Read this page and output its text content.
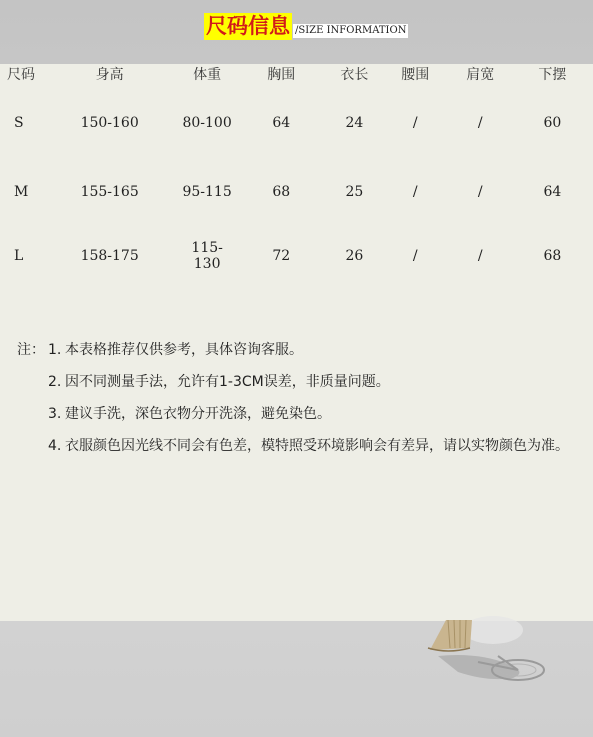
尺码信息 /SIZE INFORMATION
尺码	身高	体重	胸围	衣长	腰围	肩宽	下摆
S	150-160	80-100	64	24	/	/	60
M	155-165	95-115	68	25	/	/	64
L	158-175	115-130	72	26	/	/	68
注： 1. 本表格推荐仅供参考，具体咨询客服。
2. 因不同测量手法，允许有1-3CM误差，非质量问题。
3. 建议手洗，深色衣物分开洗涤，避免染色。
4. 衣服颜色因光线不同会有色差，模特照受环境影响会有差异，请以实物颜色为准。
